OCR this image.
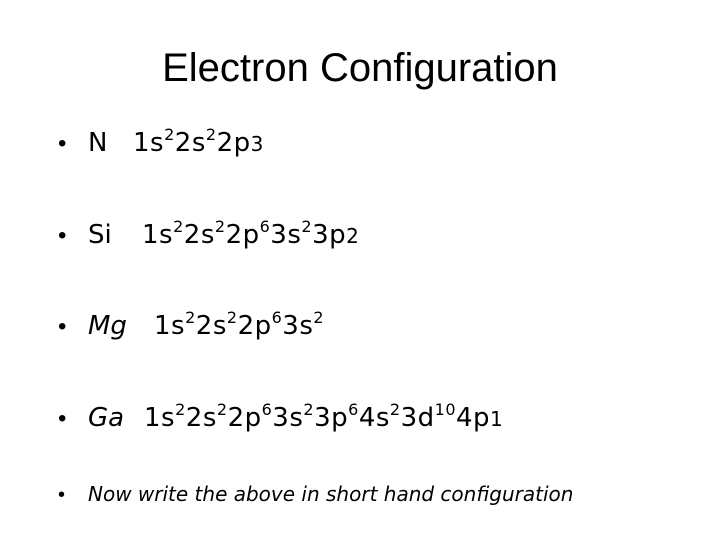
Electron Configuration
• N $1s^22s^22p3$
• Si	$1s^22s^22p^63s^23p2$
• Mg	$1s^22s^22p^63s^2$
• Ga $1s^22s^22p^63s^23p^64s^23d^{10}4p1$
•	Now write the above in short hand configuration
